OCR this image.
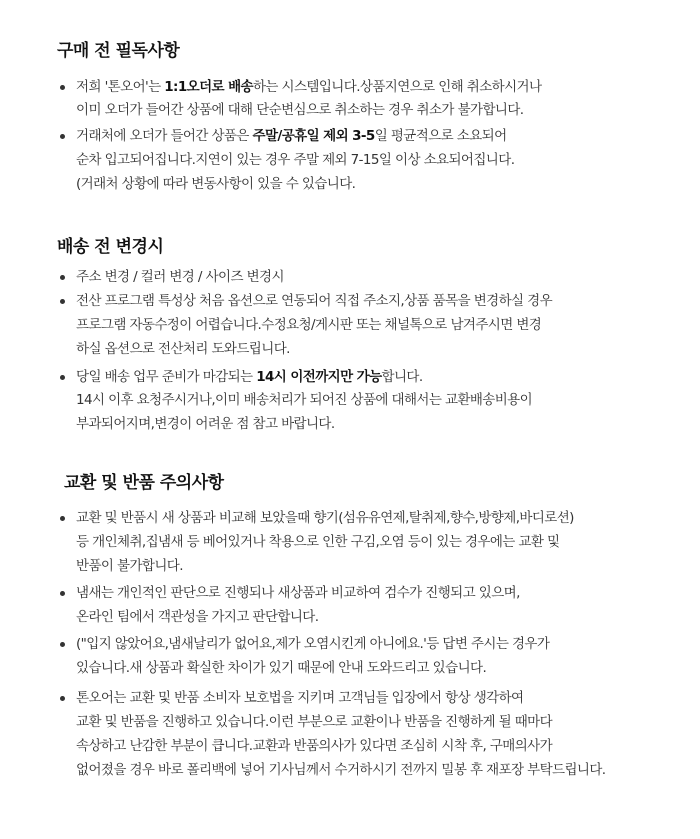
구매 전 필독사항
저희 '톤오어'는 1:1오더로 배송하는 시스템입니다.상품지연으로 인해 취소하시거나
이미 오더가 들어간 상품에 대해 단순변심으로 취소하는 경우 취소가 불가합니다.
거래처에 오더가 들어간 상품은 주말/공휴일 제외 3-5일 평균적으로 소요되어
순차 입고되어집니다.지연이 있는 경우 주말 제외 7-15일 이상 소요되어집니다.
(거래처 상황에 따라 변동사항이 있을 수 있습니다.
배송 전 변경시
주소 변경 / 컬러 변경 / 사이즈 변경시
전산 프로그램 특성상 처음 옵션으로 연동되어 직접 주소지,상품 품목을 변경하실 경우
프로그램 자동수정이 어렵습니다.수정요청/게시판 또는 채널톡으로 남겨주시면 변경
하실 옵션으로 전산처리 도와드립니다.
당일 배송 업무 준비가 마감되는 14시 이전까지만 가능합니다.
14시 이후 요청주시거나,이미 배송처리가 되어진 상품에 대해서는 교환배송비용이
부과되어지며,변경이 어려운 점 참고 바랍니다.
교환 및 반품 주의사항
교환 및 반품시 새 상품과 비교해 보았을때 향기(섬유유연제,탈취제,향수,방향제,바디로션)
등 개인체취,집냄새 등 베어있거나 착용으로 인한 구김,오염 등이 있는 경우에는 교환 및
반품이 불가합니다.
냄새는 개인적인 판단으로 진행되나 새상품과 비교하여 검수가 진행되고 있으며,
온라인 팀에서 객관성을 가지고 판단합니다.
("입지 않았어요,냄새날리가 없어요,제가 오염시킨게 아니에요.'등 답변 주시는 경우가
있습니다.새 상품과 확실한 차이가 있기 때문에 안내 도와드리고 있습니다.
톤오어는 교환 및 반품 소비자 보호법을 지키며 고객님들 입장에서 항상 생각하여
교환 및 반품을 진행하고 있습니다.이런 부분으로 교환이나 반품을 진행하게 될 때마다
속상하고 난감한 부분이 큽니다.교환과 반품의사가 있다면 조심히 시착 후, 구매의사가
없어졌을 경우 바로 폴리백에 넣어 기사님께서 수거하시기 전까지 밀봉 후 재포장 부탁드립니다.
